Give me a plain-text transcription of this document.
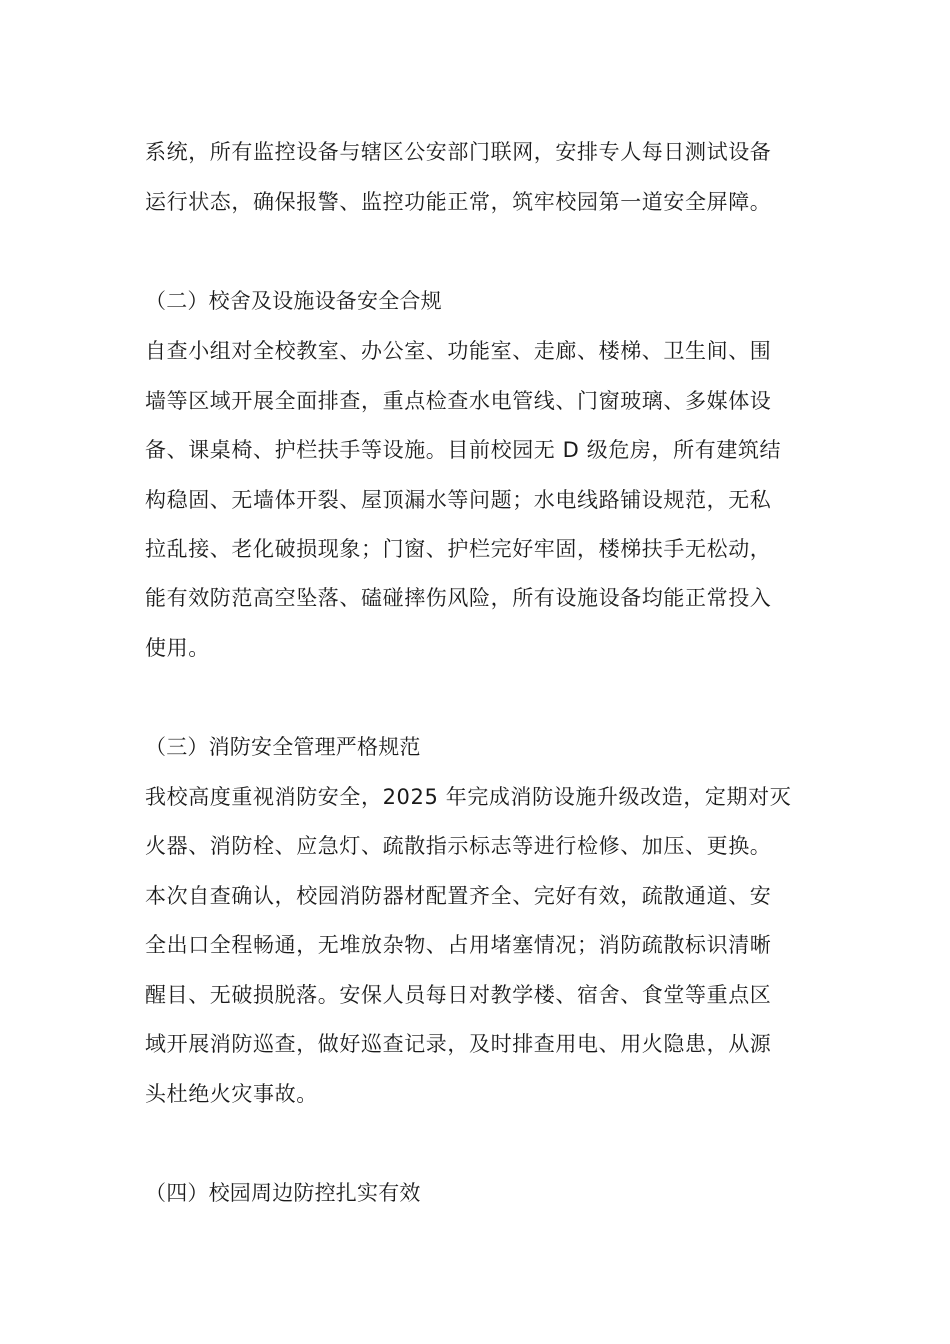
系统，所有监控设备与辖区公安部门联网，安排专人每日测试设备
运行状态，确保报警、监控功能正常，筑牢校园第一道安全屏障。
（二）校舍及设施设备安全合规
自查小组对全校教室、办公室、功能室、走廊、楼梯、卫生间、围
墙等区域开展全面排查，重点检查水电管线、门窗玻璃、多媒体设
备、课桌椅、护栏扶手等设施。目前校园无 D 级危房，所有建筑结
构稳固、无墙体开裂、屋顶漏水等问题；水电线路铺设规范，无私
拉乱接、老化破损现象；门窗、护栏完好牢固，楼梯扶手无松动，
能有效防范高空坠落、磕碰摔伤风险，所有设施设备均能正常投入
使用。
（三）消防安全管理严格规范
我校高度重视消防安全，2025 年完成消防设施升级改造，定期对灭
火器、消防栓、应急灯、疏散指示标志等进行检修、加压、更换。
本次自查确认，校园消防器材配置齐全、完好有效，疏散通道、安
全出口全程畅通，无堆放杂物、占用堵塞情况；消防疏散标识清晰
醒目、无破损脱落。安保人员每日对教学楼、宿舍、食堂等重点区
域开展消防巡查，做好巡查记录，及时排查用电、用火隐患，从源
头杜绝火灾事故。
（四）校园周边防控扎实有效
